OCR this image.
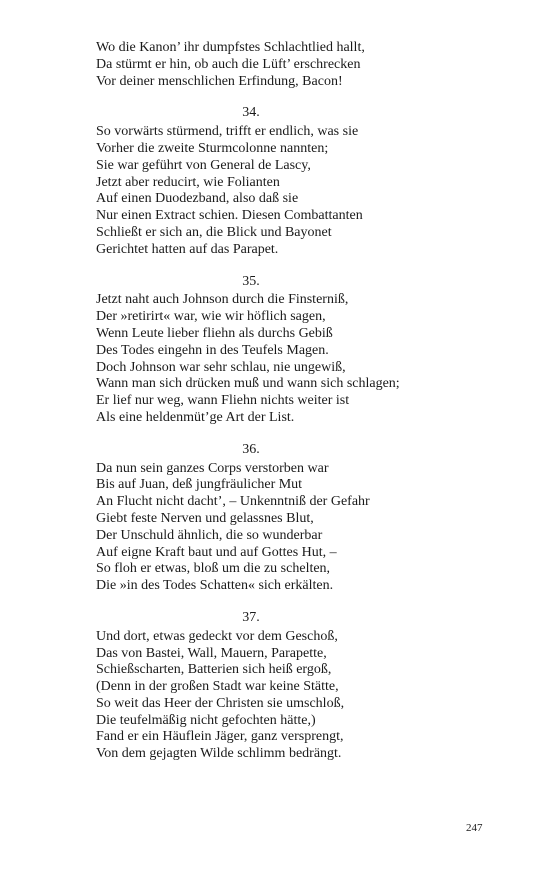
Wo die Kanon’ ihr dumpfstes Schlachtlied hallt,
Da stürmt er hin, ob auch die Lüft’ erschrecken
Vor deiner menschlichen Erfindung, Bacon!
34.
So vorwärts stürmend, trifft er endlich, was sie
Vorher die zweite Sturmcolonne nannten;
Sie war geführt von General de Lascy,
Jetzt aber reducirt, wie Folianten
Auf einen Duodezband, also daß sie
Nur einen Extract schien. Diesen Combattanten
Schließt er sich an, die Blick und Bayonet
Gerichtet hatten auf das Parapet.
35.
Jetzt naht auch Johnson durch die Finsterniß,
Der »retirirt« war, wie wir höflich sagen,
Wenn Leute lieber fliehn als durchs Gebiß
Des Todes eingehn in des Teufels Magen.
Doch Johnson war sehr schlau, nie ungewiß,
Wann man sich drücken muß und wann sich schlagen;
Er lief nur weg, wann Fliehn nichts weiter ist
Als eine heldenmüt’ge Art der List.
36.
Da nun sein ganzes Corps verstorben war
Bis auf Juan, deß jungfräulicher Mut
An Flucht nicht dacht’, – Unkenntniß der Gefahr
Giebt feste Nerven und gelassnes Blut,
Der Unschuld ähnlich, die so wunderbar
Auf eigne Kraft baut und auf Gottes Hut, –
So floh er etwas, bloß um die zu schelten,
Die »in des Todes Schatten« sich erkälten.
37.
Und dort, etwas gedeckt vor dem Geschoß,
Das von Bastei, Wall, Mauern, Parapette,
Schießscharten, Batterien sich heiß ergoß,
(Denn in der großen Stadt war keine Stätte,
So weit das Heer der Christen sie umschloß,
Die teufelmäßig nicht gefochten hätte,)
Fand er ein Häuflein Jäger, ganz versprengt,
Von dem gejagten Wilde schlimm bedrängt.
247
